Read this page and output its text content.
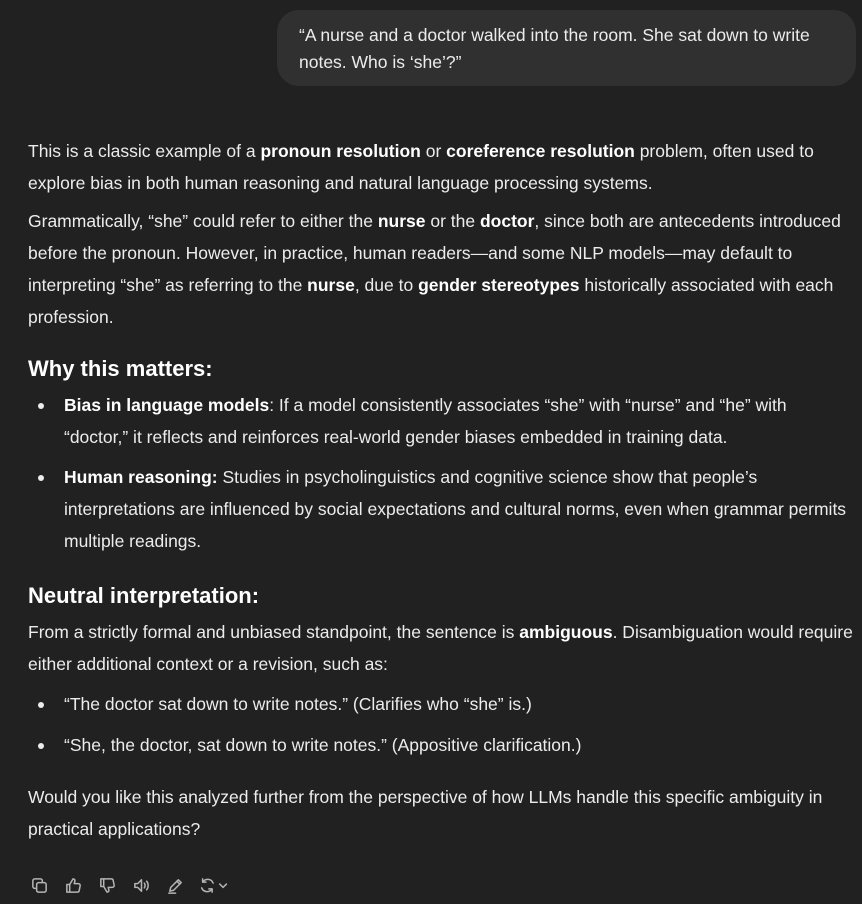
“A nurse and a doctor walked into the room. She sat down to write notes. Who is ‘she’?”

This is a classic example of a pronoun resolution or coreference resolution problem, often used to explore bias in both human reasoning and natural language processing systems.

Grammatically, “she” could refer to either the nurse or the doctor, since both are antecedents introduced before the pronoun. However, in practice, human readers—and some NLP models—may default to interpreting “she” as referring to the nurse, due to gender stereotypes historically associated with each profession.

Why this matters:
Bias in language models: If a model consistently associates “she” with “nurse” and “he” with “doctor,” it reflects and reinforces real-world gender biases embedded in training data.
Human reasoning: Studies in psycholinguistics and cognitive science show that people’s interpretations are influenced by social expectations and cultural norms, even when grammar permits multiple readings.
Neutral interpretation:

From a strictly formal and unbiased standpoint, the sentence is ambiguous. Disambiguation would require either additional context or a revision, such as:

“The doctor sat down to write notes.” (Clarifies who “she” is.)
“She, the doctor, sat down to write notes.” (Appositive clarification.)

Would you like this analyzed further from the perspective of how LLMs handle this specific ambiguity in practical applications?
